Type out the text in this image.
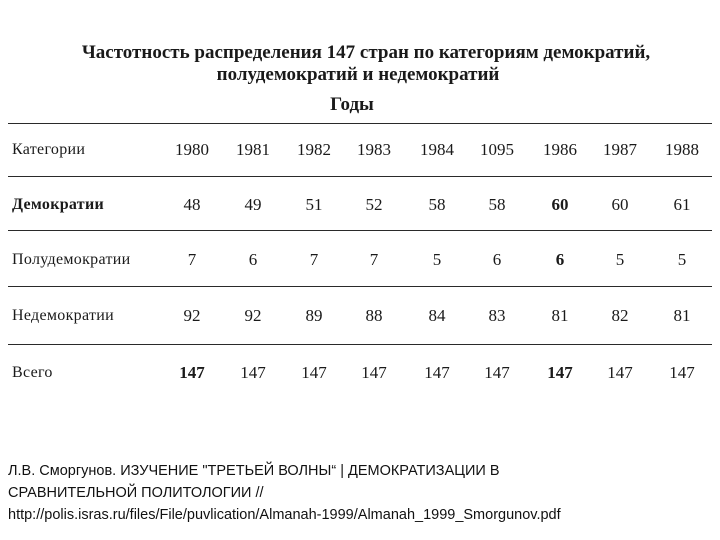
Частотность распределения 147 стран по категориям демократий,
полудемократий и недемократий
Годы
Категории	1980	1981	1982	1983	1984	1095	1986	1987	1988
Демократии	48	49	51	52	58	58	60	60	61
Полудемократии	7	6	7	7	5	6	6	5	5
Недемократии	92	92	89	88	84	83	81	82	81
Всего	147	147	147	147	147	147	147	147	147
Л.В. Сморгунов. ИЗУЧЕНИЕ "ТРЕТЬЕЙ ВОЛНЫ“ | ДЕМОКРАТИЗАЦИИ В
СРАВНИТЕЛЬНОЙ ПОЛИТОЛОГИИ //
http://polis.isras.ru/files/File/puvlication/Almanah-1999/Almanah_1999_Smorgunov.pdf
